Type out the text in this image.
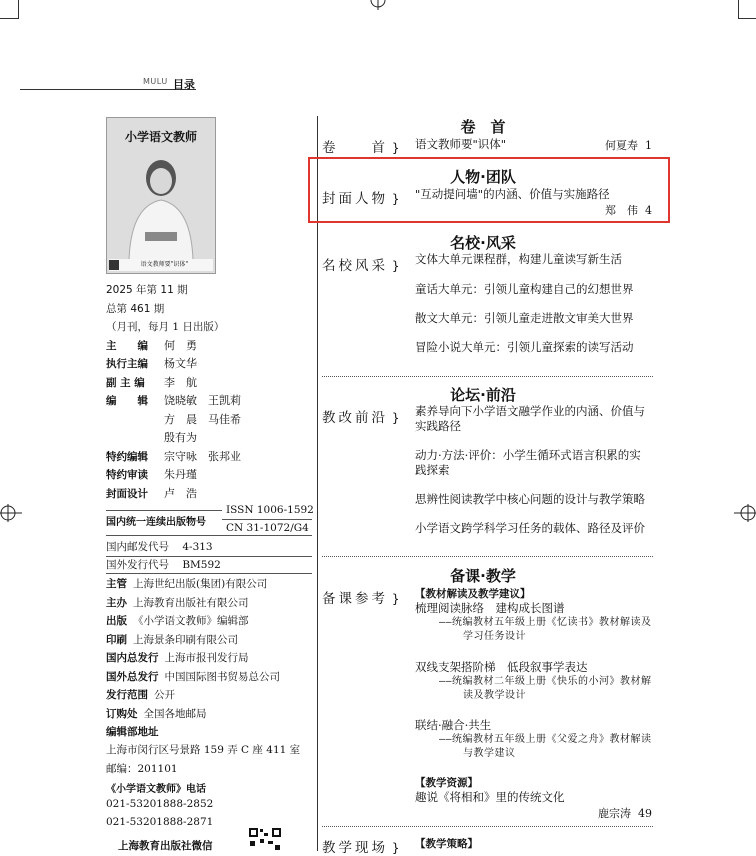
MULU 目录
小学语文教师
语文教师要"识体"
2025 年第 11 期
总第 461 期
（月刊，每月 1 日出版）
主　　编 何　勇
执行主编 杨文华
副 主 编 李　航
编　　辑 饶晓敏　王凯莉
方　晨　马佳希
殷有为
特约编辑 宗守咏　张邦业
特约审读 朱丹瑾
封面设计 卢　浩
国内统一连续出版物号
ISSN 1006-1592
CN 31-1072/G4
国内邮发代号 4-313
国外发行代号 BM592
主管 上海世纪出版(集团)有限公司
主办 上海教育出版社有限公司
出版 《小学语文教师》编辑部
印刷 上海景条印刷有限公司
国内总发行 上海市报刊发行局
国外总发行 中国国际图书贸易总公司
发行范围 公开
订购处 全国各地邮局
编辑部地址
上海市闵行区号景路 159 弄 C 座 411 室
邮编：201101
《小学语文教师》电话
021-53201888-2852
021-53201888-2871
上海教育出版社微信
卷　首
卷　　首 } 语文教师要"识体"	何夏寿 1
人物·团队
封面人物 } "互动提问墙"的内涵、价值与实施路径
郑　伟 4
名校·风采
名校风采 } 文体大单元课程群，构建儿童读写新生活

童话大单元：引领儿童构建自己的幻想世界

散文大单元：引领儿童走进散文审美大世界

冒险小说大单元：引领儿童探索的读写活动

论坛·前沿
教改前沿 } 素养导向下小学语文融学作业的内涵、价值与实践路径

动力·方法·评价：小学生循环式语言积累的实践探索

思辨性阅读教学中核心问题的设计与教学策略

小学语文跨学科学习任务的载体、路径及评价

备课·教学
备课参考 } 【教材解读及教学建议】
梳理阅读脉络　建构成长图谱
——统编教材五年级上册《忆读书》教材解读及学习任务设计

双线支架搭阶梯　低段叙事学表达
——统编教材二年级上册《快乐的小河》教材解读及教学设计

联结·融合·共生
——统编教材五年级上册《父爱之舟》教材解读与教学建议

【教学资源】
趣说《将相和》里的传统文化
鹿宗涛 49
教学现场 } 【教学策略】
